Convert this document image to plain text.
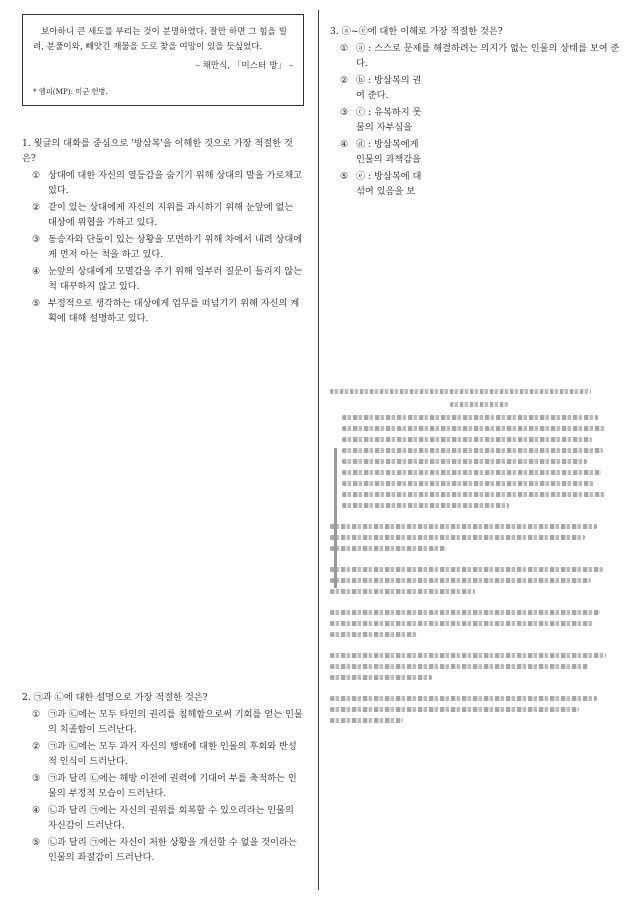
보아하니 큰 세도를 부리는 것이 분명하였다. 잘만 하면 그 힘을 빌려, 분풀이와, 빼앗긴 재물을 도로 찾을 여망이 있을 듯싶었다.

– 채만식, 「미스터 방」 –
* 엠피(MP): 미군 헌병.

1. 윗글의 대화를 중심으로 '방삼복'을 이해한 것으로 가장 적절한 것은?

① 상대에 대한 자신의 열등감을 숨기기 위해 상대의 말을 가로채고 있다.
② 같이 있는 상대에게 자신의 지위를 과시하기 위해 눈앞에 없는 대상에 위협을 가하고 있다.
③ 동승자와 단둘이 있는 상황을 모면하기 위해 차에서 내려 상대에게 먼저 아는 척을 하고 있다.
④ 눈앞의 상대에게 모멸감을 주기 위해 일부러 질문이 들리지 않는 척 대꾸하지 않고 있다.
⑤ 부정적으로 생각하는 대상에게 업무를 떠넘기기 위해 자신의 계획에 대해 설명하고 있다.

2. ㉠과 ㉡에 대한 설명으로 가장 적절한 것은?

① ㉠과 ㉡에는 모두 타인의 권리를 침해함으로써 기회를 얻는 인물의 치졸함이 드러난다.
② ㉠과 ㉡에는 모두 과거 자신의 행태에 대한 인물의 후회와 반성적 인식이 드러난다.
③ ㉠과 달리 ㉡에는 해방 이전에 권력에 기대어 부를 축적하는 인물의 부정적 모습이 드러난다.
④ ㉡과 달리 ㉠에는 자신의 권위를 회복할 수 있으리라는 인물의 자신감이 드러난다.
⑤ ㉡과 달리 ㉠에는 자신이 처한 상황을 개선할 수 없을 것이라는 인물의 좌절감이 드러난다.

3. ⓐ~ⓔ에 대한 이해로 가장 적절한 것은?

① ⓐ : 스스로 문제를 해결하려는 의지가 없는 인물의 상태를 보여 준다.
② ⓑ : 방삼복의 권
여 준다.
③ ⓒ : 유복하지 못
물의 자부심을
④ ⓓ : 방삼복에게
인물의 과책감을
⑤ ⓔ : 방삼복에 대
섞여 있음을 보
